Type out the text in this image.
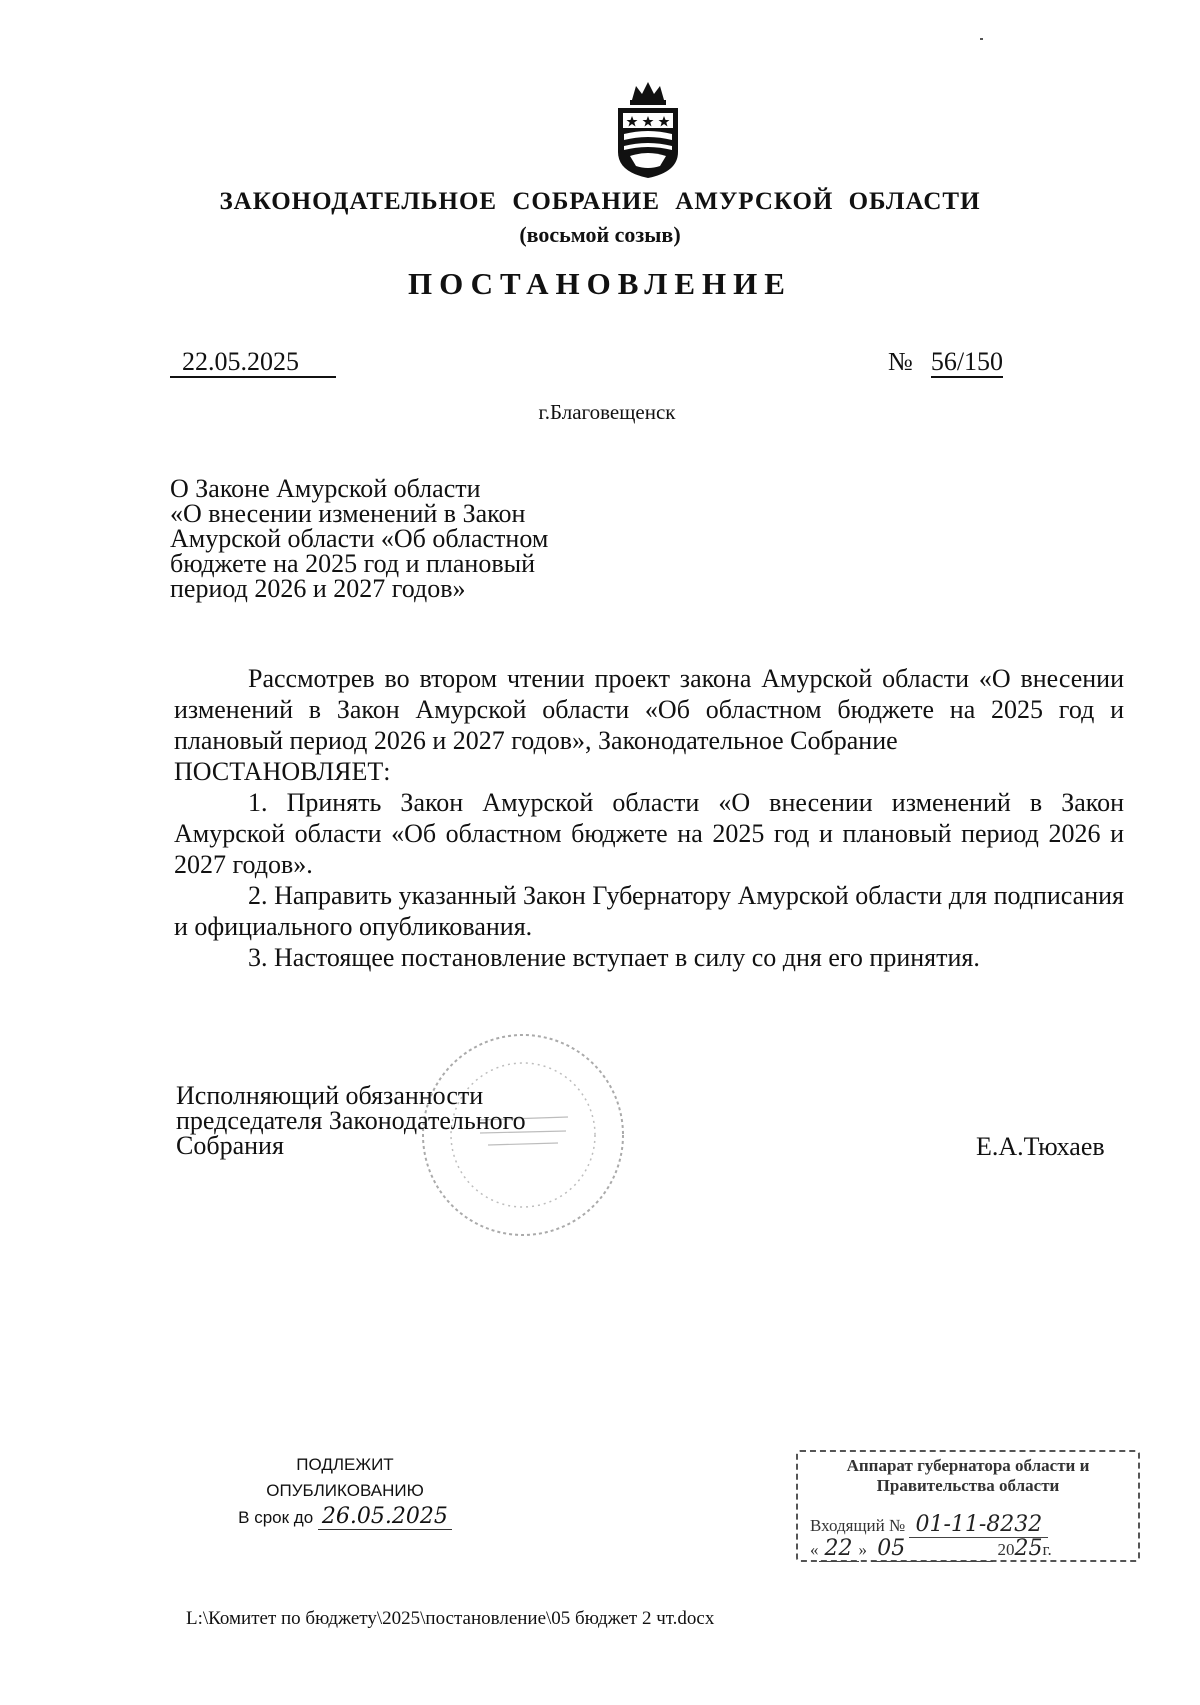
ЗАКОНОДАТЕЛЬНОЕ СОБРАНИЕ АМУРСКОЙ ОБЛАСТИ
(восьмой созыв)
ПОСТАНОВЛЕНИЕ
22.05.2025	№ 56/150
г.Благовещенск
О Законе Амурской области
«О внесении изменений в Закон
Амурской области «Об областном
бюджете на 2025 год и плановый
период 2026 и 2027 годов»
Рассмотрев во втором чтении проект закона Амурской области «О внесении изменений в Закон Амурской области «Об областном бюджете на 2025 год и плановый период 2026 и 2027 годов», Законодательное Собрание
ПОСТАНОВЛЯЕТ:
1. Принять Закон Амурской области «О внесении изменений в Закон Амурской области «Об областном бюджете на 2025 год и плановый период 2026 и 2027 годов».
2. Направить указанный Закон Губернатору Амурской области для подписания и официального опубликования.
3. Настоящее постановление вступает в силу со дня его принятия.
Исполняющий обязанности
председателя Законодательного
Собрания	Е.А.Тюхаев
ПОДЛЕЖИТ
ОПУБЛИКОВАНИЮ
В срок до 26.05.2025
Аппарат губернатора области и
Правительства области
Входящий № 01-11-8232
« 22 » 05	2025г.
L:\Комитет по бюджету\2025\постановление\05 бюджет 2 чт.docx
